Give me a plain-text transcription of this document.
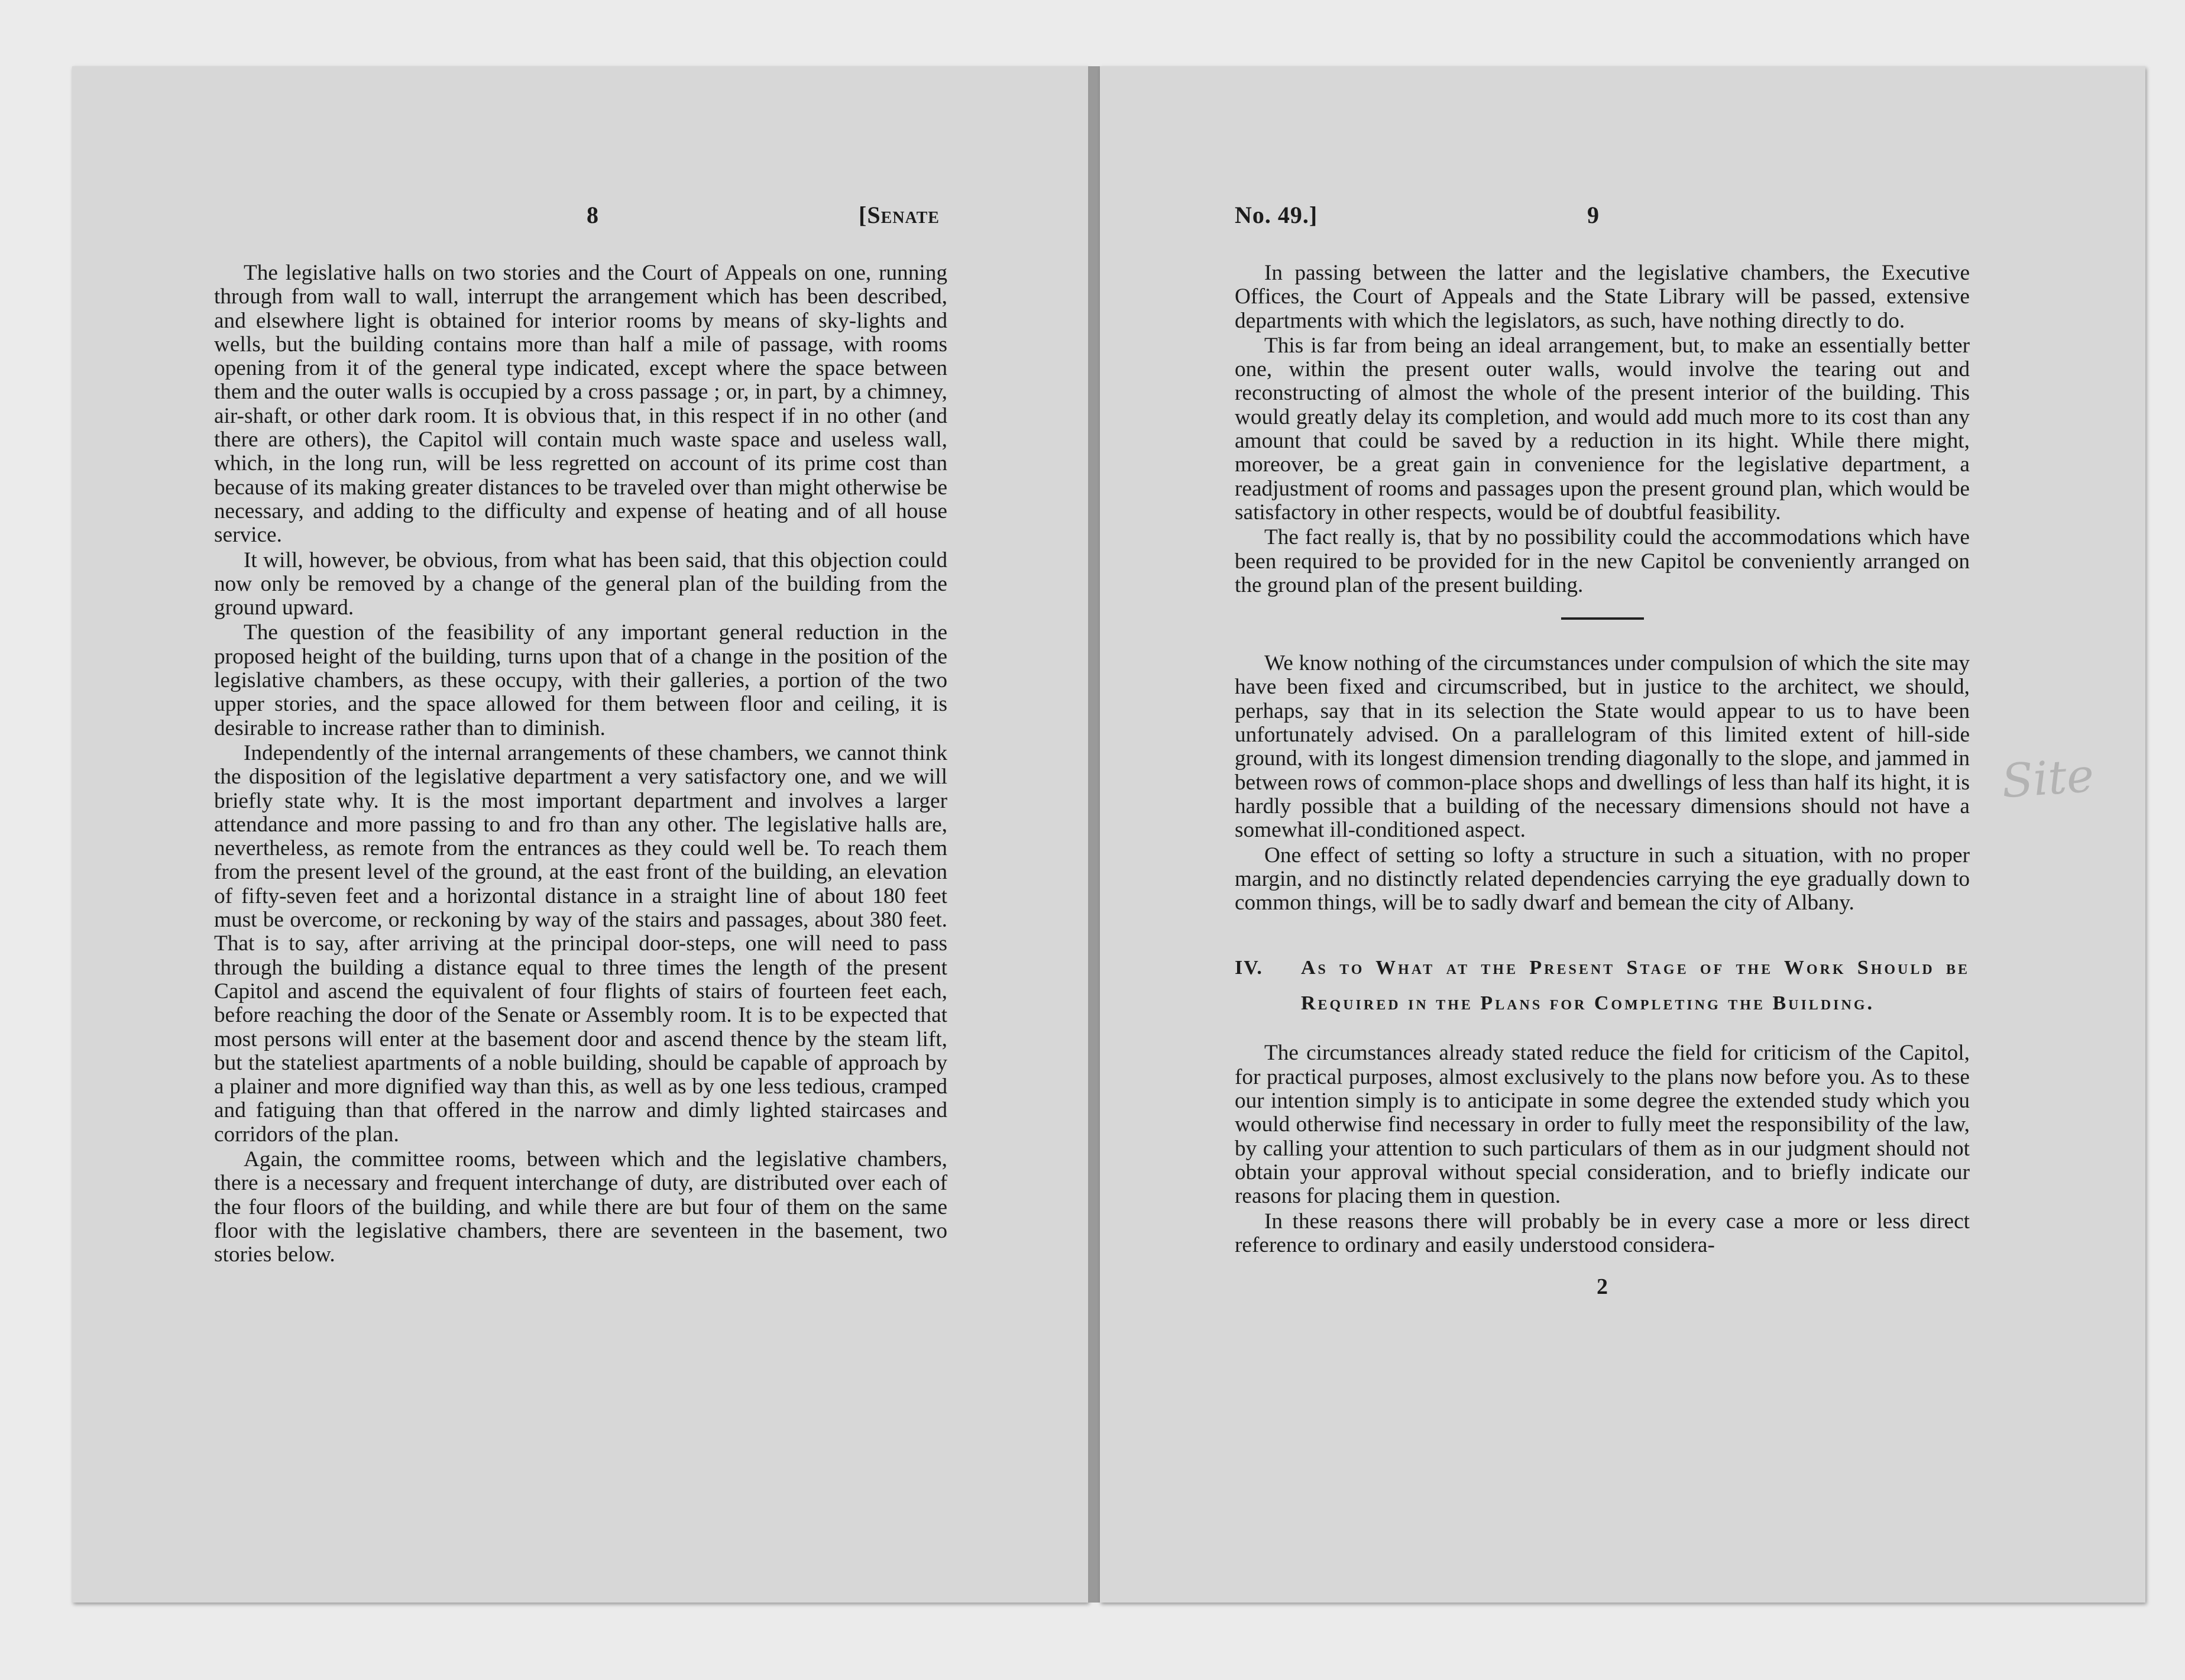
8	[Senate

The legislative halls on two stories and the Court of Appeals on one, running through from wall to wall, interrupt the arrangement which has been described, and elsewhere light is obtained for interior rooms by means of sky-lights and wells, but the building contains more than half a mile of passage, with rooms opening from it of the general type indicated, except where the space between them and the outer walls is occupied by a cross passage ; or, in part, by a chimney, air-shaft, or other dark room. It is obvious that, in this respect if in no other (and there are others), the Capitol will contain much waste space and useless wall, which, in the long run, will be less regretted on account of its prime cost than because of its making greater distances to be traveled over than might otherwise be necessary, and adding to the difficulty and expense of heating and of all house service.

It will, however, be obvious, from what has been said, that this objection could now only be removed by a change of the general plan of the building from the ground upward.

The question of the feasibility of any important general reduction in the proposed height of the building, turns upon that of a change in the position of the legislative chambers, as these occupy, with their galleries, a portion of the two upper stories, and the space allowed for them between floor and ceiling, it is desirable to increase rather than to diminish.

Independently of the internal arrangements of these chambers, we cannot think the disposition of the legislative department a very satisfactory one, and we will briefly state why. It is the most important department and involves a larger attendance and more passing to and fro than any other. The legislative halls are, nevertheless, as remote from the entrances as they could well be. To reach them from the present level of the ground, at the east front of the building, an elevation of fifty-seven feet and a horizontal distance in a straight line of about 180 feet must be overcome, or reckoning by way of the stairs and passages, about 380 feet. That is to say, after arriving at the principal door-steps, one will need to pass through the building a distance equal to three times the length of the present Capitol and ascend the equivalent of four flights of stairs of fourteen feet each, before reaching the door of the Senate or Assembly room. It is to be expected that most persons will enter at the basement door and ascend thence by the steam lift, but the stateliest apartments of a noble building, should be capable of approach by a plainer and more dignified way than this, as well as by one less tedious, cramped and fatiguing than that offered in the narrow and dimly lighted staircases and corridors of the plan.

Again, the committee rooms, between which and the legislative chambers, there is a necessary and frequent interchange of duty, are distributed over each of the four floors of the building, and while there are but four of them on the same floor with the legislative chambers, there are seventeen in the basement, two stories below.

No. 49.]	9

In passing between the latter and the legislative chambers, the Executive Offices, the Court of Appeals and the State Library will be passed, extensive departments with which the legislators, as such, have nothing directly to do.

This is far from being an ideal arrangement, but, to make an essentially better one, within the present outer walls, would involve the tearing out and reconstructing of almost the whole of the present interior of the building. This would greatly delay its completion, and would add much more to its cost than any amount that could be saved by a reduction in its hight. While there might, moreover, be a great gain in convenience for the legislative department, a readjustment of rooms and passages upon the present ground plan, which would be satisfactory in other respects, would be of doubtful feasibility.

The fact really is, that by no possibility could the accommodations which have been required to be provided for in the new Capitol be conveniently arranged on the ground plan of the present building.

We know nothing of the circumstances under compulsion of which the site may have been fixed and circumscribed, but in justice to the architect, we should, perhaps, say that in its selection the State would appear to us to have been unfortunately advised. On a parallelogram of this limited extent of hill-side ground, with its longest dimension trending diagonally to the slope, and jammed in between rows of common-place shops and dwellings of less than half its hight, it is hardly possible that a building of the necessary dimensions should not have a somewhat ill-conditioned aspect.

One effect of setting so lofty a structure in such a situation, with no proper margin, and no distinctly related dependencies carrying the eye gradually down to common things, will be to sadly dwarf and bemean the city of Albany.

IV. As to What at the Present Stage of the Work Should be Required in the Plans for Completing the Building.

The circumstances already stated reduce the field for criticism of the Capitol, for practical purposes, almost exclusively to the plans now before you. As to these our intention simply is to anticipate in some degree the extended study which you would otherwise find necessary in order to fully meet the responsibility of the law, by calling your attention to such particulars of them as in our judgment should not obtain your approval without special consideration, and to briefly indicate our reasons for placing them in question.

In these reasons there will probably be in every case a more or less direct reference to ordinary and easily understood considera-

2
Site
